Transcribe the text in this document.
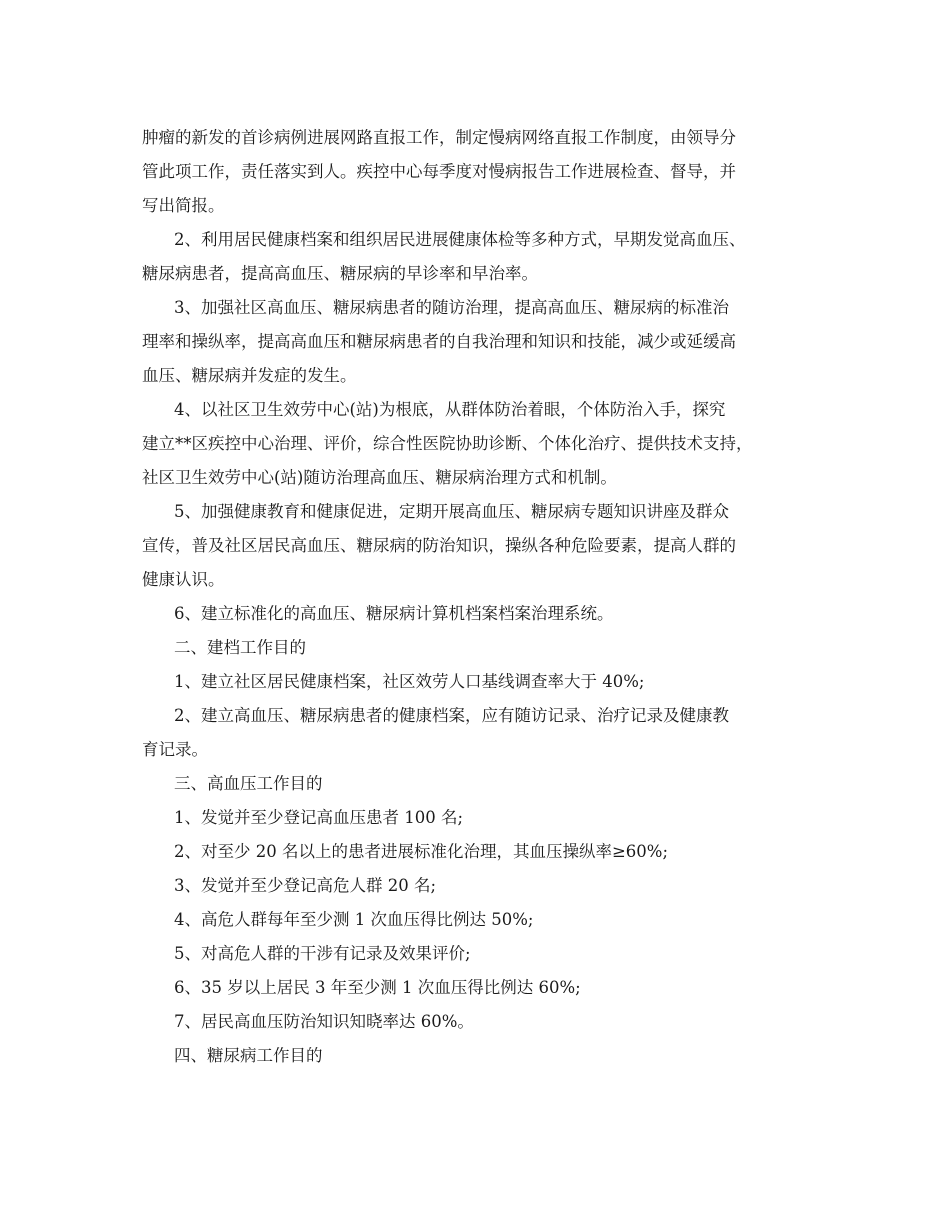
肿瘤的新发的首诊病例进展网路直报工作，制定慢病网络直报工作制度，由领导分

管此项工作，责任落实到人。疾控中心每季度对慢病报告工作进展检查、督导，并

写出简报。

2、利用居民健康档案和组织居民进展健康体检等多种方式，早期发觉高血压、

糖尿病患者，提高高血压、糖尿病的早诊率和早治率。

3、加强社区高血压、糖尿病患者的随访治理，提高高血压、糖尿病的标准治

理率和操纵率，提高高血压和糖尿病患者的自我治理和知识和技能，减少或延缓高

血压、糖尿病并发症的发生。

4、以社区卫生效劳中心(站)为根底，从群体防治着眼，个体防治入手，探究

建立**区疾控中心治理、评价，综合性医院协助诊断、个体化治疗、提供技术支持，

社区卫生效劳中心(站)随访治理高血压、糖尿病治理方式和机制。

5、加强健康教育和健康促进，定期开展高血压、糖尿病专题知识讲座及群众

宣传，普及社区居民高血压、糖尿病的防治知识，操纵各种危险要素，提高人群的

健康认识。

6、建立标准化的高血压、糖尿病计算机档案档案治理系统。

二、建档工作目的

1、建立社区居民健康档案，社区效劳人口基线调查率大于 40%;

2、建立高血压、糖尿病患者的健康档案，应有随访记录、治疗记录及健康教

育记录。

三、高血压工作目的

1、发觉并至少登记高血压患者 100 名;

2、对至少 20 名以上的患者进展标准化治理，其血压操纵率≥60%;

3、发觉并至少登记高危人群 20 名;

4、高危人群每年至少测 1 次血压得比例达 50%;

5、对高危人群的干涉有记录及效果评价;

6、35 岁以上居民 3 年至少测 1 次血压得比例达 60%;

7、居民高血压防治知识知晓率达 60%。

四、糖尿病工作目的
